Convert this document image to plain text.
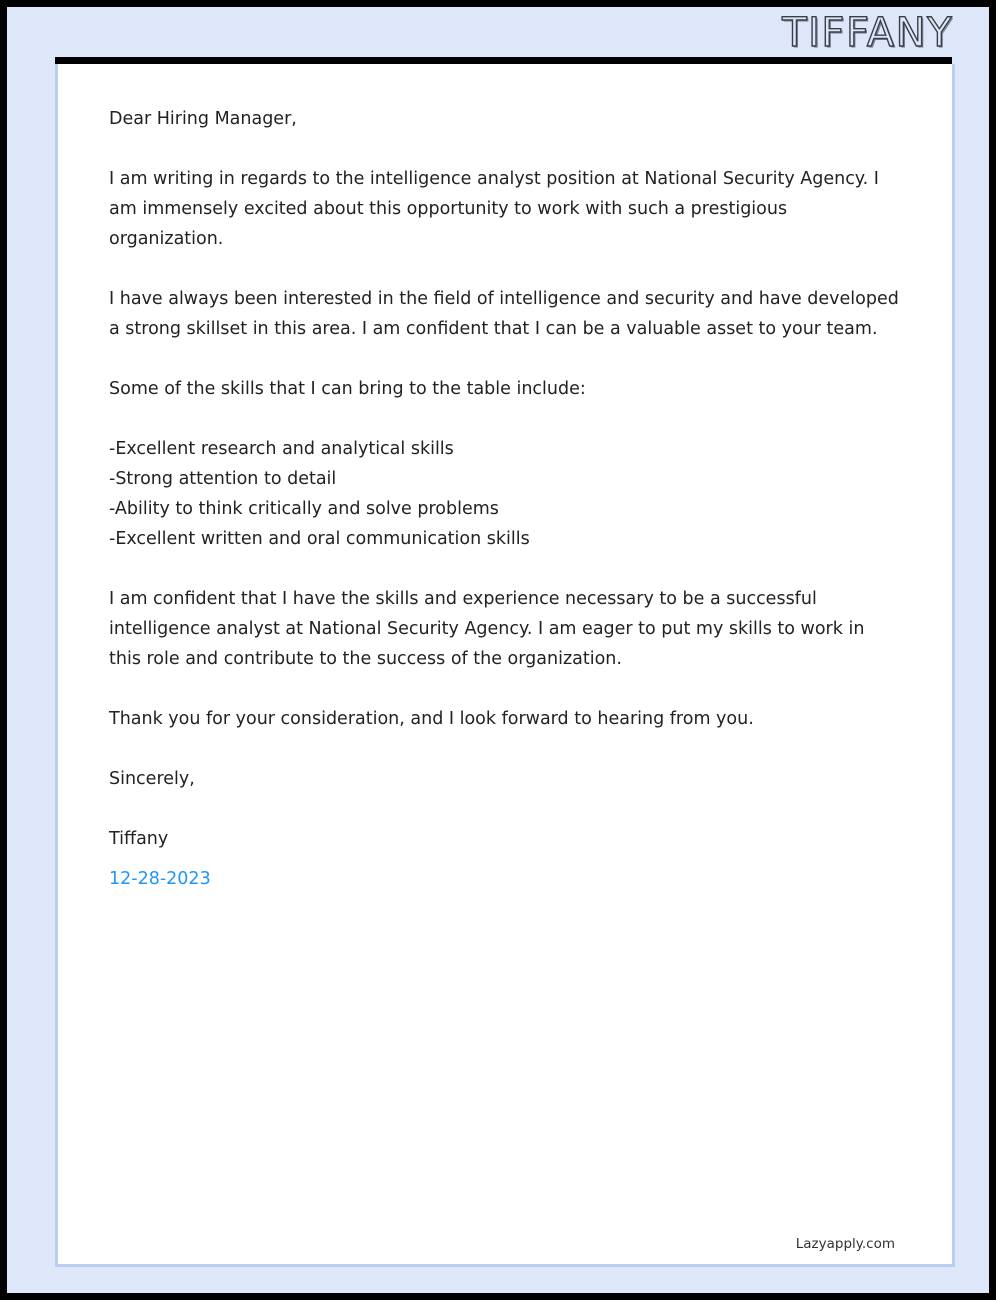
TIFFANY

Dear Hiring Manager,

I am writing in regards to the intelligence analyst position at National Security Agency. I am immensely excited about this opportunity to work with such a prestigious organization.

I have always been interested in the field of intelligence and security and have developed a strong skillset in this area. I am confident that I can be a valuable asset to your team.

Some of the skills that I can bring to the table include:

-Excellent research and analytical skills
-Strong attention to detail
-Ability to think critically and solve problems
-Excellent written and oral communication skills

I am confident that I have the skills and experience necessary to be a successful intelligence analyst at National Security Agency. I am eager to put my skills to work in this role and contribute to the success of the organization.

Thank you for your consideration, and I look forward to hearing from you.

Sincerely,

Tiffany

12-28-2023

Lazyapply.com
